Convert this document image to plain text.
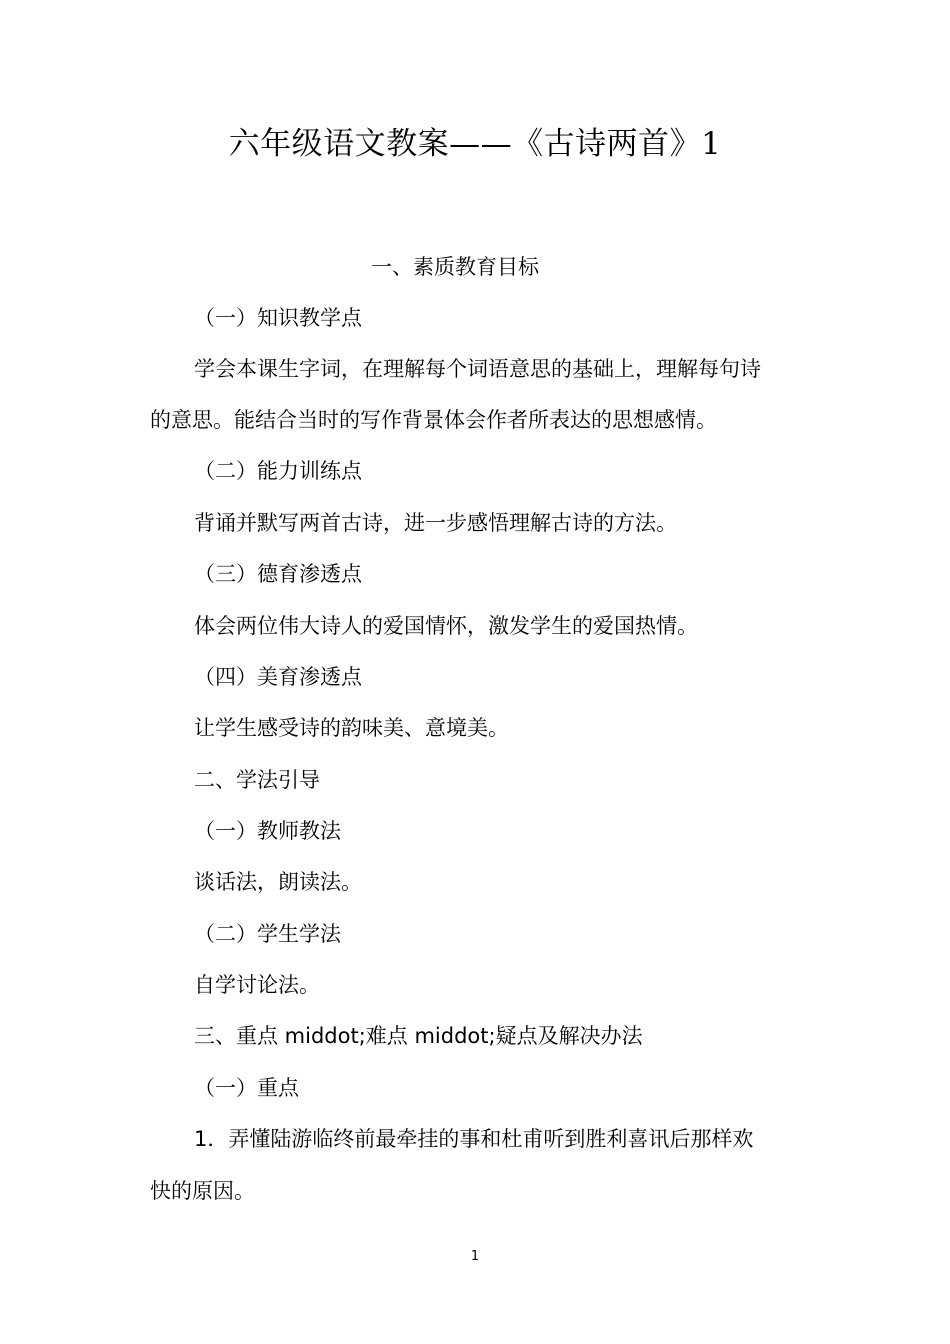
六年级语文教案——《古诗两首》1
一、素质教育目标
（一）知识教学点
学会本课生字词，在理解每个词语意思的基础上，理解每句诗
的意思。能结合当时的写作背景体会作者所表达的思想感情。
（二）能力训练点
背诵并默写两首古诗，进一步感悟理解古诗的方法。
（三）德育渗透点
体会两位伟大诗人的爱国情怀，激发学生的爱国热情。
（四）美育渗透点
让学生感受诗的韵味美、意境美。
二、学法引导
（一）教师教法
谈话法，朗读法。
（二）学生学法
自学讨论法。
三、重点 middot;难点 middot;疑点及解决办法
（一）重点
1．弄懂陆游临终前最牵挂的事和杜甫听到胜利喜讯后那样欢
快的原因。
1
